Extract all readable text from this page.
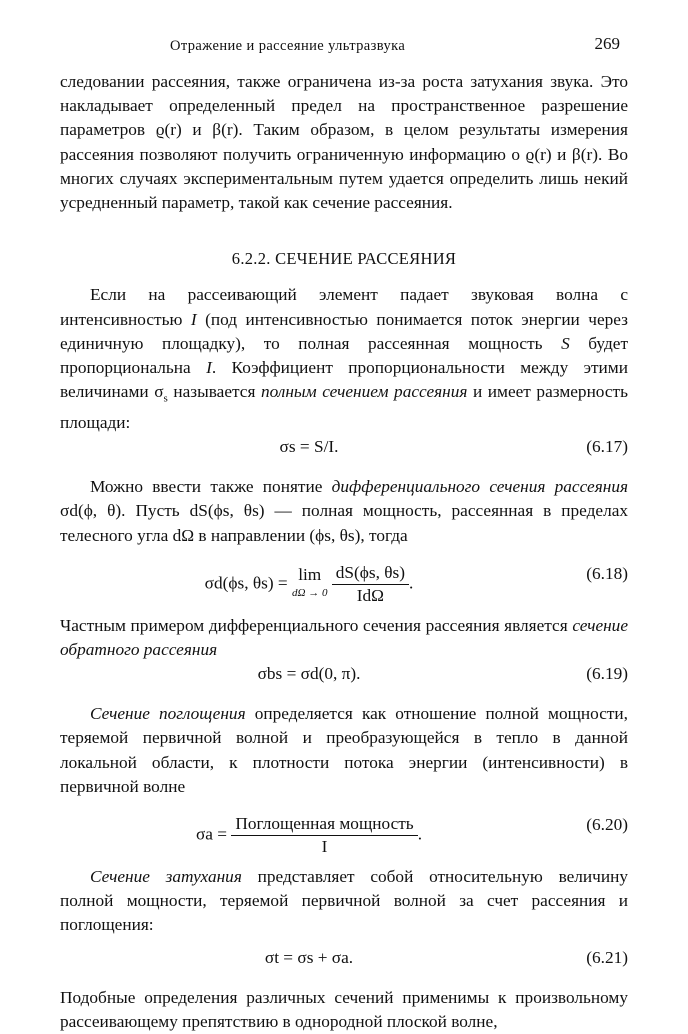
Отражение и рассеяние ультразвука	269

следовании рассеяния, также ограничена из-за роста затухания звука. Это накладывает определенный предел на пространственное разрешение параметров ϱ(r) и β(r). Таким образом, в целом результаты измерения рассеяния позволяют получить ограниченную информацию о ϱ(r) и β(r). Во многих случаях экспериментальным путем удается определить лишь некий усредненный параметр, такой как сечение рассеяния.

6.2.2. СЕЧЕНИЕ РАССЕЯНИЯ

Если на рассеивающий элемент падает звуковая волна с интенсивностью I (под интенсивностью понимается поток энергии через единичную площадку), то полная рассеянная мощность S будет пропорциональна I. Коэффициент пропорциональности между этими величинами $\sigma_s$ называется полным сечением рассеяния и имеет размерность площади:

σs = S/I.	(6.17)

Можно ввести также понятие дифференциального сечения рассеяния σd(ϕ, θ). Пусть dS(ϕs, θs) — полная мощность, рассеянная в пределах телесного угла dΩ в направлении (ϕs, θs), тогда

σd(ϕs, θs) = lim
dΩ → 0
$\frac{dS(\phi s, \theta s)}{\text{IdΩ}}$ .	(6.18)

Частным примером дифференциального сечения рассеяния является сечение обратного рассеяния

σbs = σd(0, π).	(6.19)

Сечение поглощения определяется как отношение полной мощности, теряемой первичной волной и преобразующейся в тепло в данной локальной области, к плотности потока энергии (интенсивности) в первичной волне

$\sigma a = \frac{\text{Поглощенная мощность}}{I}$ .	(6.20)

Сечение затухания представляет собой относительную величину полной мощности, теряемой первичной волной за счет рассеяния и поглощения:

σt = σs + σa.	(6.21)

Подобные определения различных сечений применимы к произвольному рассеивающему препятствию в однородной плоской волне,
